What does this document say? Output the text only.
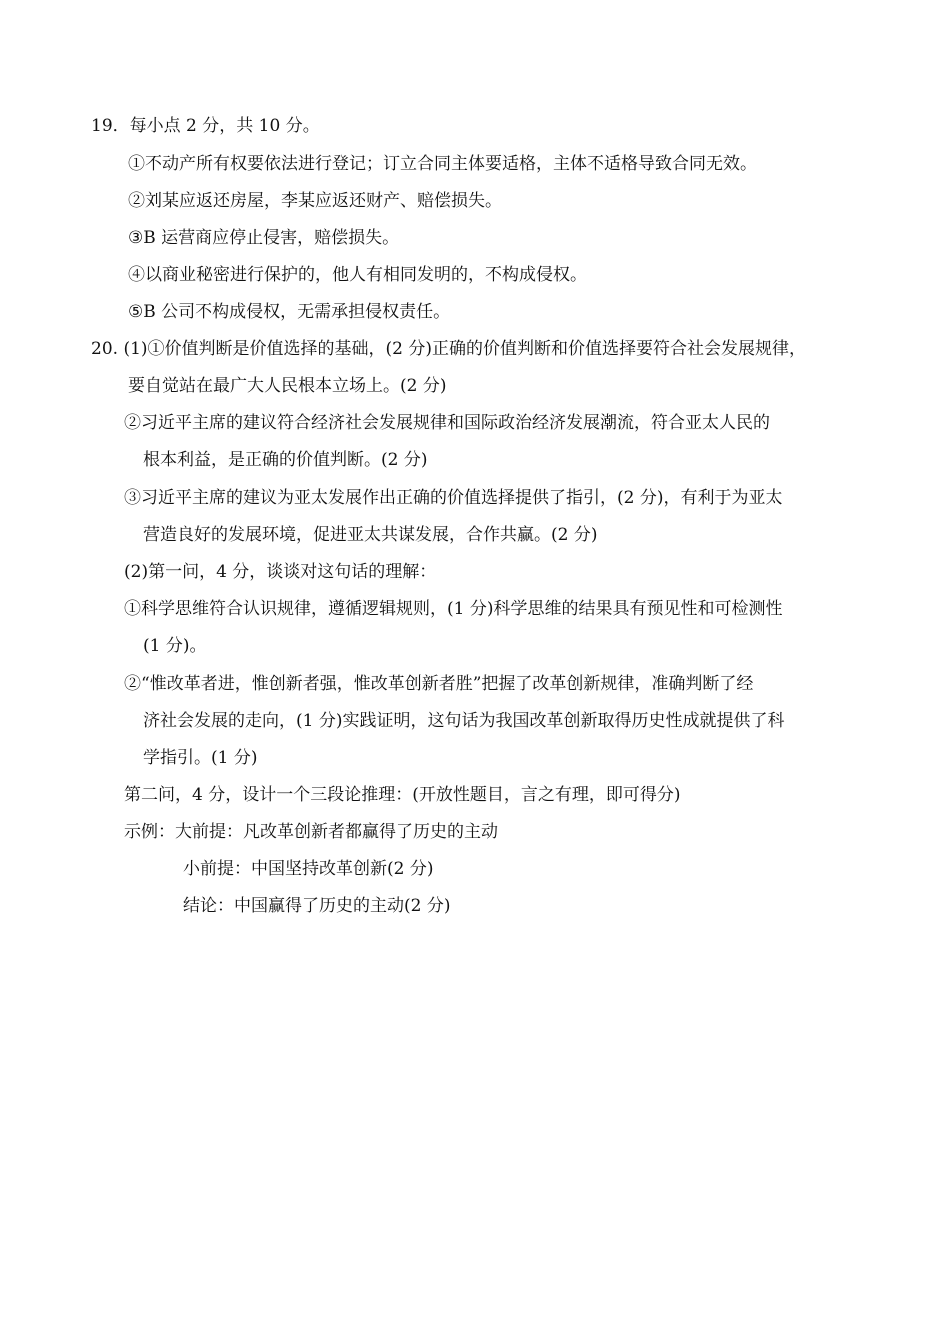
19．每小点 2 分，共 10 分。
①不动产所有权要依法进行登记；订立合同主体要适格，主体不适格导致合同无效。
②刘某应返还房屋，李某应返还财产、赔偿损失。
③B 运营商应停止侵害，赔偿损失。
④以商业秘密进行保护的，他人有相同发明的，不构成侵权。
⑤B 公司不构成侵权，无需承担侵权责任。
20. (1)①价值判断是价值选择的基础，(2 分)正确的价值判断和价值选择要符合社会发展规律，
要自觉站在最广大人民根本立场上。(2 分)
②习近平主席的建议符合经济社会发展规律和国际政治经济发展潮流，符合亚太人民的
根本利益，是正确的价值判断。(2 分)
③习近平主席的建议为亚太发展作出正确的价值选择提供了指引，(2 分)，有利于为亚太
营造良好的发展环境，促进亚太共谋发展，合作共赢。(2 分)
(2)第一问，4 分，谈谈对这句话的理解：
①科学思维符合认识规律，遵循逻辑规则，(1 分)科学思维的结果具有预见性和可检测性
(1 分)。
②“惟改革者进，惟创新者强，惟改革创新者胜”把握了改革创新规律，准确判断了经
济社会发展的走向，(1 分)实践证明，这句话为我国改革创新取得历史性成就提供了科
学指引。(1 分)
第二问，4 分，设计一个三段论推理：(开放性题目，言之有理，即可得分)
示例：大前提：凡改革创新者都赢得了历史的主动
小前提：中国坚持改革创新(2 分)
结论：中国赢得了历史的主动(2 分)
